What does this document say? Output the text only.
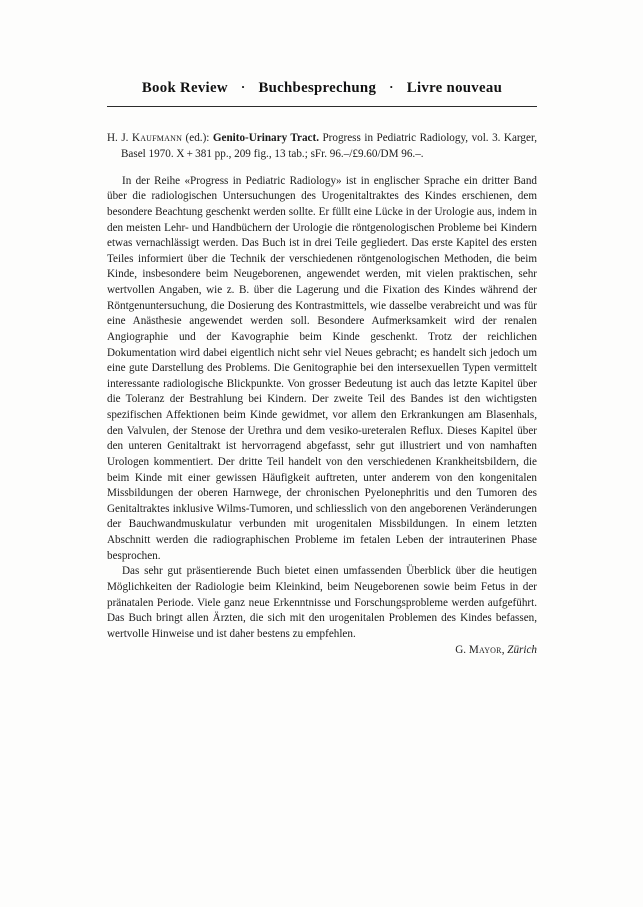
Book Review · Buchbesprechung · Livre nouveau

H. J. Kaufmann (ed.): Genito-Urinary Tract. Progress in Pediatric Radiology, vol. 3. Karger, Basel 1970. X + 381 pp., 209 fig., 13 tab.; sFr. 96.–/£9.60/DM 96.–.

In der Reihe «Progress in Pediatric Radiology» ist in englischer Sprache ein dritter Band über die radiologischen Untersuchungen des Urogenitaltraktes des Kindes erschienen, dem besondere Beachtung geschenkt werden sollte. Er füllt eine Lücke in der Urologie aus, indem in den meisten Lehr- und Handbüchern der Urologie die röntgenologischen Probleme bei Kindern etwas vernachlässigt werden. Das Buch ist in drei Teile gegliedert. Das erste Kapitel des ersten Teiles informiert über die Technik der verschiedenen röntgenologischen Methoden, die beim Kinde, insbesondere beim Neugeborenen, angewendet werden, mit vielen praktischen, sehr wertvollen Angaben, wie z. B. über die Lagerung und die Fixation des Kindes während der Röntgenuntersuchung, die Dosierung des Kontrastmittels, wie dasselbe verabreicht und was für eine Anästhesie angewendet werden soll. Besondere Aufmerksamkeit wird der renalen Angiographie und der Kavographie beim Kinde geschenkt. Trotz der reichlichen Dokumentation wird dabei eigentlich nicht sehr viel Neues gebracht; es handelt sich jedoch um eine gute Darstellung des Problems. Die Genitographie bei den intersexuellen Typen vermittelt interessante radiologische Blickpunkte. Von grosser Bedeutung ist auch das letzte Kapitel über die Toleranz der Bestrahlung bei Kindern. Der zweite Teil des Bandes ist den wichtigsten spezifischen Affektionen beim Kinde gewidmet, vor allem den Erkrankungen am Blasenhals, den Valvulen, der Stenose der Urethra und dem vesiko-ureteralen Reflux. Dieses Kapitel über den unteren Genitaltrakt ist hervorragend abgefasst, sehr gut illustriert und von namhaften Urologen kommentiert. Der dritte Teil handelt von den verschiedenen Krankheitsbildern, die beim Kinde mit einer gewissen Häufigkeit auftreten, unter anderem von den kongenitalen Missbildungen der oberen Harnwege, der chronischen Pyelonephritis und den Tumoren des Genitaltraktes inklusive Wilms-Tumoren, und schliesslich von den angeborenen Veränderungen der Bauchwandmuskulatur verbunden mit urogenitalen Missbildungen. In einem letzten Abschnitt werden die radiographischen Probleme im fetalen Leben der intrauterinen Phase besprochen.

Das sehr gut präsentierende Buch bietet einen umfassenden Überblick über die heutigen Möglichkeiten der Radiologie beim Kleinkind, beim Neugeborenen sowie beim Fetus in der pränatalen Periode. Viele ganz neue Erkenntnisse und Forschungsprobleme werden aufgeführt. Das Buch bringt allen Ärzten, die sich mit den urogenitalen Problemen des Kindes befassen, wertvolle Hinweise und ist daher bestens zu empfehlen.

G. Mayor, Zürich
